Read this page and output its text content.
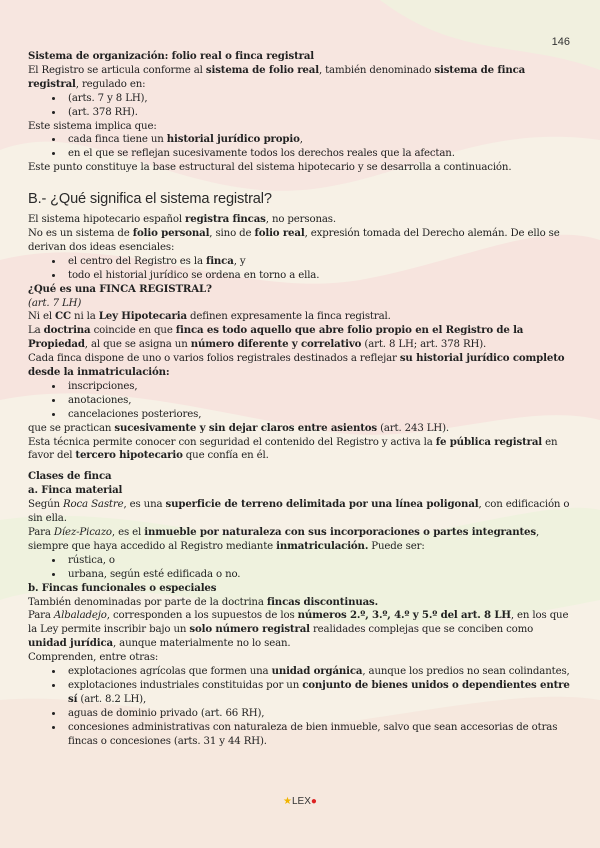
146

Sistema de organización: folio real o finca registral

El Registro se articula conforme al sistema de folio real, también denominado sistema de finca registral, regulado en:

• (arts. 7 y 8 LH),
• (art. 378 RH).

Este sistema implica que:

• cada finca tiene un historial jurídico propio,
• en el que se reflejan sucesivamente todos los derechos reales que la afectan.

Este punto constituye la base estructural del sistema hipotecario y se desarrolla a continuación.

B.- ¿Qué significa el sistema registral?

El sistema hipotecario español registra fincas, no personas.

No es un sistema de folio personal, sino de folio real, expresión tomada del Derecho alemán. De ello se derivan dos ideas esenciales:

• el centro del Registro es la finca, y
• todo el historial jurídico se ordena en torno a ella.

¿Qué es una FINCA REGISTRAL?

(art. 7 LH)

Ni el CC ni la Ley Hipotecaria definen expresamente la finca registral.

La doctrina coincide en que finca es todo aquello que abre folio propio en el Registro de la Propiedad, al que se asigna un número diferente y correlativo (art. 8 LH; art. 378 RH).

Cada finca dispone de uno o varios folios registrales destinados a reflejar su historial jurídico completo desde la inmatriculación:

• inscripciones,
• anotaciones,
• cancelaciones posteriores,

que se practican sucesivamente y sin dejar claros entre asientos (art. 243 LH).

Esta técnica permite conocer con seguridad el contenido del Registro y activa la fe pública registral en favor del tercero hipotecario que confía en él.

Clases de finca

a. Finca material

Según Roca Sastre, es una superficie de terreno delimitada por una línea poligonal, con edificación o sin ella.

Para Díez-Picazo, es el inmueble por naturaleza con sus incorporaciones o partes integrantes, siempre que haya accedido al Registro mediante inmatriculación. Puede ser:

• rústica, o
• urbana, según esté edificada o no.

b. Fincas funcionales o especiales

También denominadas por parte de la doctrina fincas discontinuas.

Para Albaladejo, corresponden a los supuestos de los números 2.º, 3.º, 4.º y 5.º del art. 8 LH, en los que la Ley permite inscribir bajo un solo número registral realidades complejas que se conciben como unidad jurídica, aunque materialmente no lo sean.

Comprenden, entre otras:

• explotaciones agrícolas que formen una unidad orgánica, aunque los predios no sean colindantes,
• explotaciones industriales constituidas por un conjunto de bienes unidos o dependientes entre sí (art. 8.2 LH),
• aguas de dominio privado (art. 66 RH),
• concesiones administrativas con naturaleza de bien inmueble, salvo que sean accesorias de otras fincas o concesiones (arts. 31 y 44 RH).
★LEX●
